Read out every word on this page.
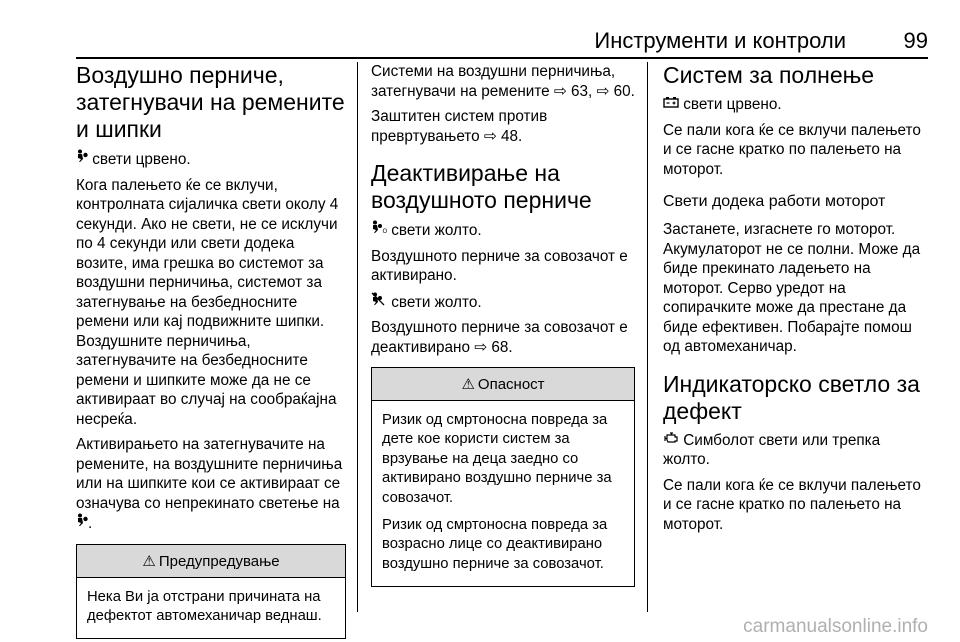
Инструменти и контроли	99
Воздушно перниче, затегнувачи на ремените и шипки

свети црвено.

Кога палењето ќе се вклучи, контролната сијаличка свети околу 4 секунди. Ако не свети, не се исклучи по 4 секунди или свети додека возите, има грешка во системот за воздушни перничиња, системот за затегнување на безбедносните ремени или кај подвижните шипки. Воздушните перничиња, затегнувачите на безбедносните ремени и шипките може да не се активираат во случај на сообраќајна несреќа.

Активирањето на затегнувачите на ремените, на воздушните перничиња или на шипките кои се активираат се означува со непрекинато светење на .

⚠ Предупредување

Нека Ви ја отстрани причината на дефектот автомеханичар веднаш.

Системи на воздушни перничиња, затегнувачи на ремените ⇨ 63, ⇨ 60.

Заштитен систем против превртувањето ⇨ 48.

Деактивирање на воздушното перниче

O свети жолто.

Воздушното перниче за совозачот е активирано.

свети жолто.

Воздушното перниче за совозачот е деактивирано ⇨ 68.

⚠ Опасност

Ризик од смртоносна повреда за дете кое користи систем за врзување на деца заедно со активирано воздушно перниче за совозачот.

Ризик од смртоносна повреда за возрасно лице со деактивирано воздушно перниче за совозачот.

Систем за полнење

свети црвено.

Се пали кога ќе се вклучи палењето и се гасне кратко по палењето на моторот.

Свети додека работи моторот

Застанете, изгаснете го моторот. Акумулаторот не се полни. Може да биде прекинато ладењето на моторот. Серво уредот на сопирачките може да престане да биде ефективен. Побарајте помош од автомеханичар.

Индикаторско светло за дефект

Симболот свети или трепка жолто.

Се пали кога ќе се вклучи палењето и се гасне кратко по палењето на моторот.

carmanualsonline.info
